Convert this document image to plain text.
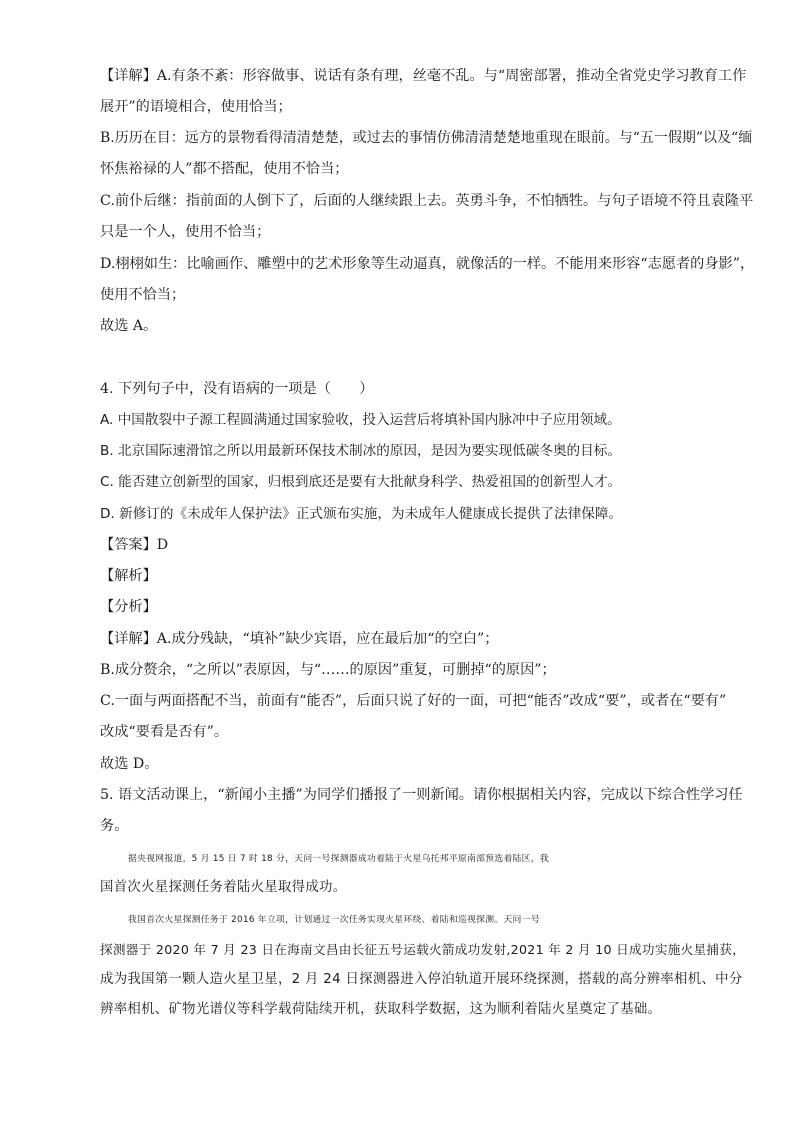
【详解】A.有条不紊：形容做事、说话有条有理，丝毫不乱。与“周密部署，推动全省党史学习教育工作
展开”的语境相合，使用恰当；
B.历历在目：远方的景物看得清清楚楚，或过去的事情仿佛清清楚楚地重现在眼前。与“五一假期”以及“缅
怀焦裕禄的人”都不搭配，使用不恰当；
C.前仆后继：指前面的人倒下了，后面的人继续跟上去。英勇斗争，不怕牺牲。与句子语境不符且袁隆平
只是一个人，使用不恰当；
D.栩栩如生：比喻画作、雕塑中的艺术形象等生动逼真，就像活的一样。不能用来形容“志愿者的身影”，
使用不恰当；
故选 A。
4. 下列句子中，没有语病的一项是（　　）
A. 中国散裂中子源工程圆满通过国家验收，投入运营后将填补国内脉冲中子应用领域。
B. 北京国际速滑馆之所以用最新环保技术制冰的原因，是因为要实现低碳冬奥的目标。
C. 能否建立创新型的国家，归根到底还是要有大批献身科学、热爱祖国的创新型人才。
D. 新修订的《未成年人保护法》正式颁布实施，为未成年人健康成长提供了法律保障。
【答案】D
【解析】
【分析】
【详解】A.成分残缺，“填补”缺少宾语，应在最后加“的空白”；
B.成分赘余，“之所以”表原因，与“……的原因”重复，可删掉“的原因”；
C.一面与两面搭配不当，前面有“能否”，后面只说了好的一面，可把“能否”改成“要”，或者在“要有”
改成“要看是否有”。
故选 D。
5. 语文活动课上，“新闻小主播”为同学们播报了一则新闻。请你根据相关内容，完成以下综合性学习任
务。
据央视网报道，5 月 15 日 7 时 18 分，天问一号探测器成功着陆于火星乌托邦平原南部预选着陆区，我
国首次火星探测任务着陆火星取得成功。
我国首次火星探测任务于 2016 年立项，计划通过一次任务实现火星环绕、着陆和巡视探测。天问一号
探测器于 2020 年 7 月 23 日在海南文昌由长征五号运载火箭成功发射,2021 年 2 月 10 日成功实施火星捕获，
成为我国第一颗人造火星卫星，2 月 24 日探测器进入停泊轨道开展环绕探测，搭载的高分辨率相机、中分
辨率相机、矿物光谱仪等科学载荷陆续开机，获取科学数据，这为顺利着陆火星奠定了基础。
